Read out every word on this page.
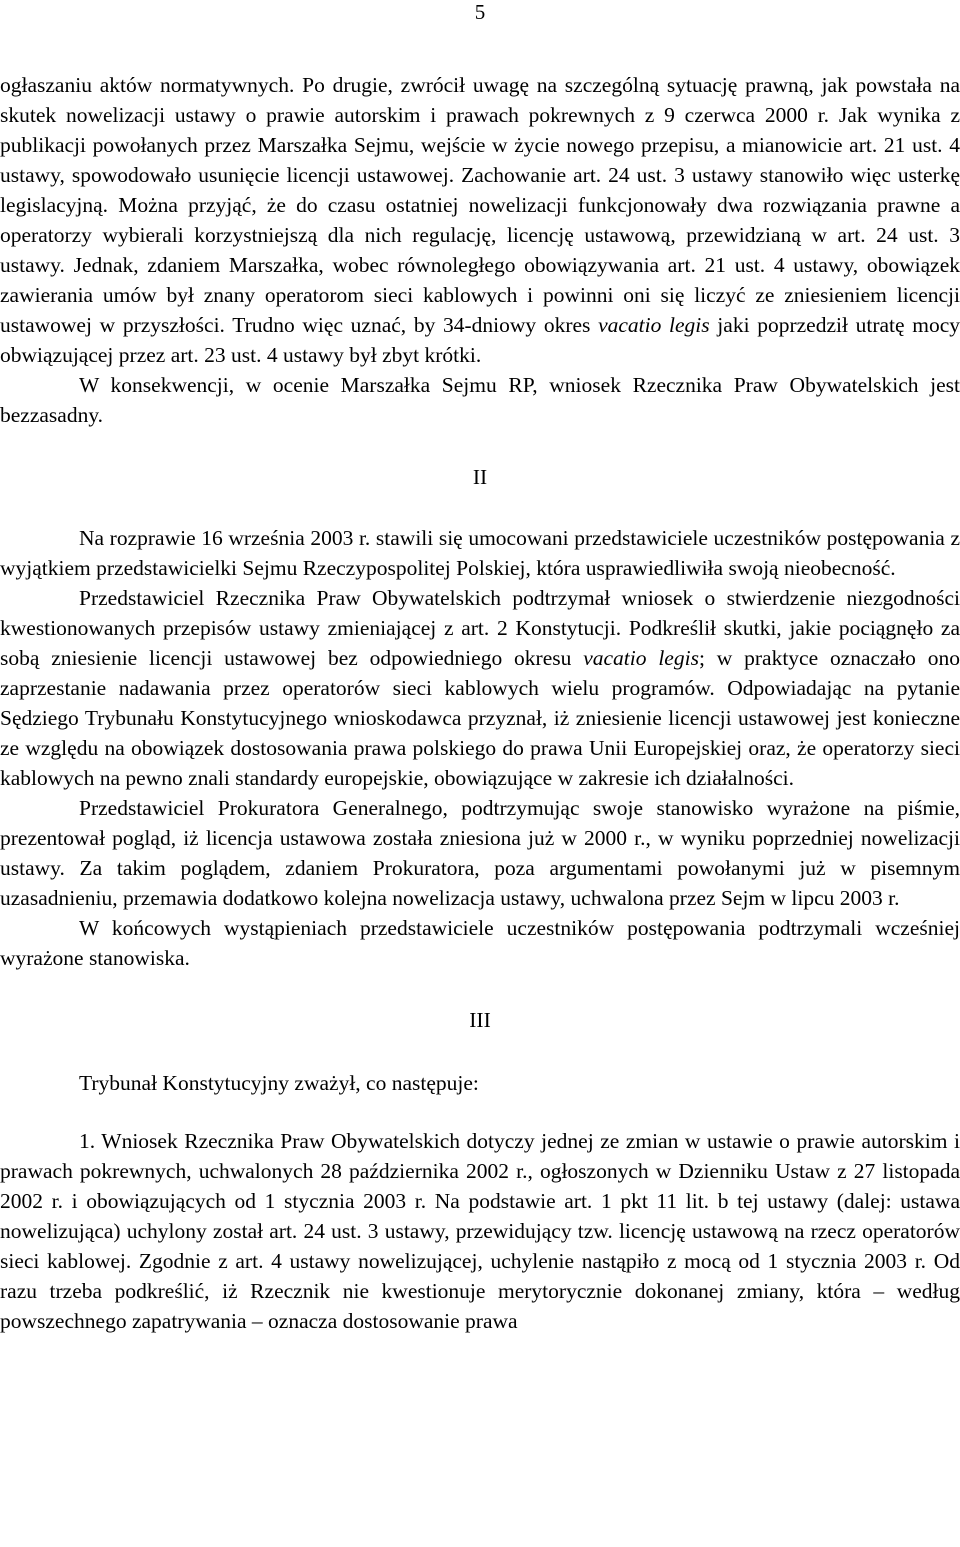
5

ogłaszaniu aktów normatywnych. Po drugie, zwrócił uwagę na szczególną sytuację prawną, jak powstała na skutek nowelizacji ustawy o prawie autorskim i prawach pokrewnych z 9 czerwca 2000 r. Jak wynika z publikacji powołanych przez Marszałka Sejmu, wejście w życie nowego przepisu, a mianowicie art. 21 ust. 4 ustawy, spowodowało usunięcie licencji ustawowej. Zachowanie art. 24 ust. 3 ustawy stanowiło więc usterkę legislacyjną. Można przyjąć, że do czasu ostatniej nowelizacji funkcjonowały dwa rozwiązania prawne a operatorzy wybierali korzystniejszą dla nich regulację, licencję ustawową, przewidzianą w art. 24 ust. 3 ustawy. Jednak, zdaniem Marszałka, wobec równoległego obowiązywania art. 21 ust. 4 ustawy, obowiązek zawierania umów był znany operatorom sieci kablowych i powinni oni się liczyć ze zniesieniem licencji ustawowej w przyszłości. Trudno więc uznać, by 34-dniowy okres vacatio legis jaki poprzedził utratę mocy obwiązującej przez art. 23 ust. 4 ustawy był zbyt krótki.

W konsekwencji, w ocenie Marszałka Sejmu RP, wniosek Rzecznika Praw Obywatelskich jest bezzasadny.

II

Na rozprawie 16 września 2003 r. stawili się umocowani przedstawiciele uczestników postępowania z wyjątkiem przedstawicielki Sejmu Rzeczypospolitej Polskiej, która usprawiedliwiła swoją nieobecność.

Przedstawiciel Rzecznika Praw Obywatelskich podtrzymał wniosek o stwierdzenie niezgodności kwestionowanych przepisów ustawy zmieniającej z art. 2 Konstytucji. Podkreślił skutki, jakie pociągnęło za sobą zniesienie licencji ustawowej bez odpowiedniego okresu vacatio legis; w praktyce oznaczało ono zaprzestanie nadawania przez operatorów sieci kablowych wielu programów. Odpowiadając na pytanie Sędziego Trybunału Konstytucyjnego wnioskodawca przyznał, iż zniesienie licencji ustawowej jest konieczne ze względu na obowiązek dostosowania prawa polskiego do prawa Unii Europejskiej oraz, że operatorzy sieci kablowych na pewno znali standardy europejskie, obowiązujące w zakresie ich działalności.

Przedstawiciel Prokuratora Generalnego, podtrzymując swoje stanowisko wyrażone na piśmie, prezentował pogląd, iż licencja ustawowa została zniesiona już w 2000 r., w wyniku poprzedniej nowelizacji ustawy. Za takim poglądem, zdaniem Prokuratora, poza argumentami powołanymi już w pisemnym uzasadnieniu, przemawia dodatkowo kolejna nowelizacja ustawy, uchwalona przez Sejm w lipcu 2003 r.

W końcowych wystąpieniach przedstawiciele uczestników postępowania podtrzymali wcześniej wyrażone stanowiska.

III

Trybunał Konstytucyjny zważył, co następuje:

1. Wniosek Rzecznika Praw Obywatelskich dotyczy jednej ze zmian w ustawie o prawie autorskim i prawach pokrewnych, uchwalonych 28 października 2002 r., ogłoszonych w Dzienniku Ustaw z 27 listopada 2002 r. i obowiązujących od 1 stycznia 2003 r. Na podstawie art. 1 pkt 11 lit. b tej ustawy (dalej: ustawa nowelizująca) uchylony został art. 24 ust. 3 ustawy, przewidujący tzw. licencję ustawową na rzecz operatorów sieci kablowej. Zgodnie z art. 4 ustawy nowelizującej, uchylenie nastąpiło z mocą od 1 stycznia 2003 r. Od razu trzeba podkreślić, iż Rzecznik nie kwestionuje merytorycznie dokonanej zmiany, która – według powszechnego zapatrywania – oznacza dostosowanie prawa
